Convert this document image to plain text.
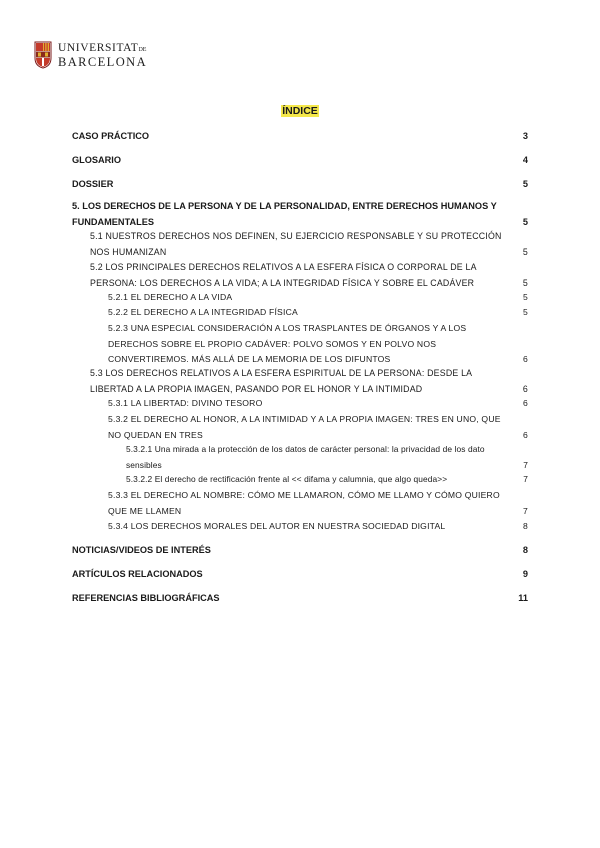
UNIVERSITATDE
BARCELONA
ÍNDICE
CASO PRÁCTICO	3
GLOSARIO	4
DOSSIER	5
5. LOS DERECHOS DE LA PERSONA Y DE LA PERSONALIDAD, ENTRE DERECHOS HUMANOS Y FUNDAMENTALES	5
5.1 NUESTROS DERECHOS NOS DEFINEN, SU EJERCICIO RESPONSABLE Y SU PROTECCIÓN NOS HUMANIZAN	5
5.2 LOS PRINCIPALES DERECHOS RELATIVOS A LA ESFERA FÍSICA O CORPORAL DE LA PERSONA: LOS DERECHOS A LA VIDA; A LA INTEGRIDAD FÍSICA Y SOBRE EL CADÁVER	5
5.2.1 EL DERECHO A LA VIDA	5
5.2.2 EL DERECHO A LA INTEGRIDAD FÍSICA	5
5.2.3 UNA ESPECIAL CONSIDERACIÓN A LOS TRASPLANTES DE ÓRGANOS Y A LOS DERECHOS SOBRE EL PROPIO CADÁVER: POLVO SOMOS Y EN POLVO NOS CONVERTIREMOS. MÁS ALLÁ DE LA MEMORIA DE LOS DIFUNTOS	6
5.3 LOS DERECHOS RELATIVOS A LA ESFERA ESPIRITUAL DE LA PERSONA: DESDE LA LIBERTAD A LA PROPIA IMAGEN, PASANDO POR EL HONOR Y LA INTIMIDAD	6
5.3.1 LA LIBERTAD: DIVINO TESORO	6
5.3.2 EL DERECHO AL HONOR, A LA INTIMIDAD Y A LA PROPIA IMAGEN: TRES EN UNO, QUE NO QUEDAN EN TRES	6
5.3.2.1 Una mirada a la protección de los datos de carácter personal: la privacidad de los dato sensibles	7
5.3.2.2 El derecho de rectificación frente al << difama y calumnia, que algo queda>>	7
5.3.3 EL DERECHO AL NOMBRE: CÓMO ME LLAMARON, CÓMO ME LLAMO Y CÓMO QUIERO QUE ME LLAMEN	7
5.3.4 LOS DERECHOS MORALES DEL AUTOR EN NUESTRA SOCIEDAD DIGITAL	8
NOTICIAS/VIDEOS DE INTERÉS	8
ARTÍCULOS RELACIONADOS	9
REFERENCIAS BIBLIOGRÁFICAS	11
